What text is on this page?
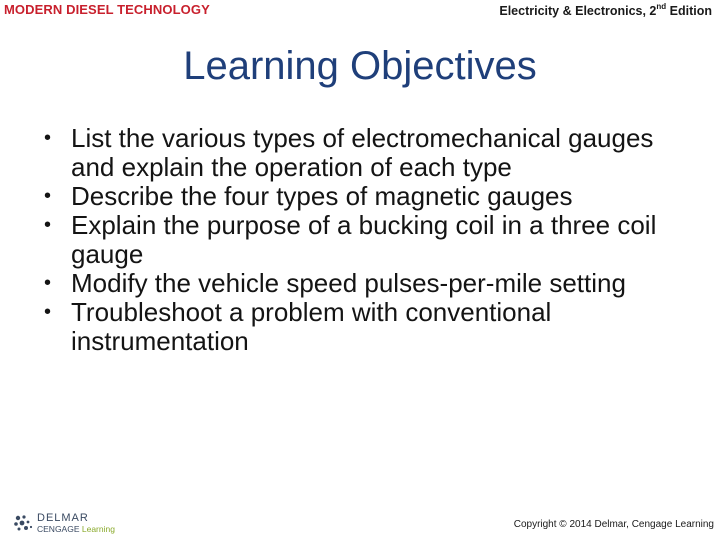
MODERN DIESEL TECHNOLOGY	Electricity & Electronics, 2nd Edition
Learning Objectives
• List the various types of electromechanical gauges and explain the operation of each type
• Describe the four types of magnetic gauges
• Explain the purpose of a bucking coil in a three coil gauge
• Modify the vehicle speed pulses-per-mile setting
• Troubleshoot a problem with conventional instrumentation
DELMAR
CENGAGE Learning	Copyright © 2014 Delmar, Cengage Learning
